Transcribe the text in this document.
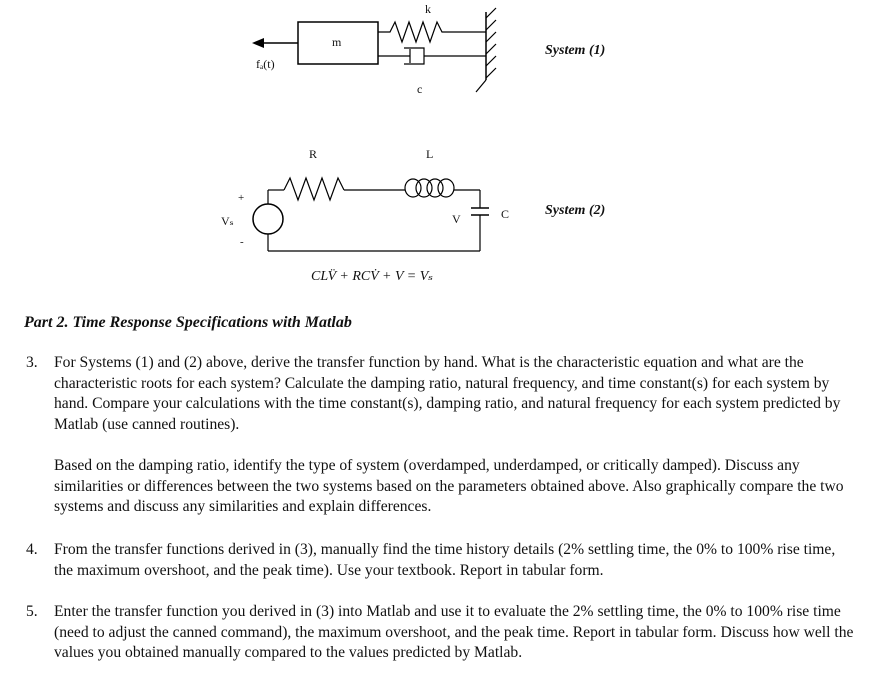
m
k
c
fₐ(t)
System (1)
R	L
C
V
Vₛ
+
-
System (2)
CLV̈ + RCV̇ + V = Vₛ
Part 2. Time Response Specifications with Matlab
3. For Systems (1) and (2) above, derive the transfer function by hand. What is the characteristic equation and what are the characteristic roots for each system? Calculate the damping ratio, natural frequency, and time constant(s) for each system by hand. Compare your calculations with the time constant(s), damping ratio, and natural frequency for each system predicted by Matlab (use canned routines).

Based on the damping ratio, identify the type of system (overdamped, underdamped, or critically damped). Discuss any similarities or differences between the two systems based on the parameters obtained above. Also graphically compare the two systems and discuss any similarities and explain differences.

4. From the transfer functions derived in (3), manually find the time history details (2% settling time, the 0% to 100% rise time, the maximum overshoot, and the peak time). Use your textbook. Report in tabular form.

5. Enter the transfer function you derived in (3) into Matlab and use it to evaluate the 2% settling time, the 0% to 100% rise time (need to adjust the canned command), the maximum overshoot, and the peak time. Report in tabular form. Discuss how well the values you obtained manually compared to the values predicted by Matlab.
